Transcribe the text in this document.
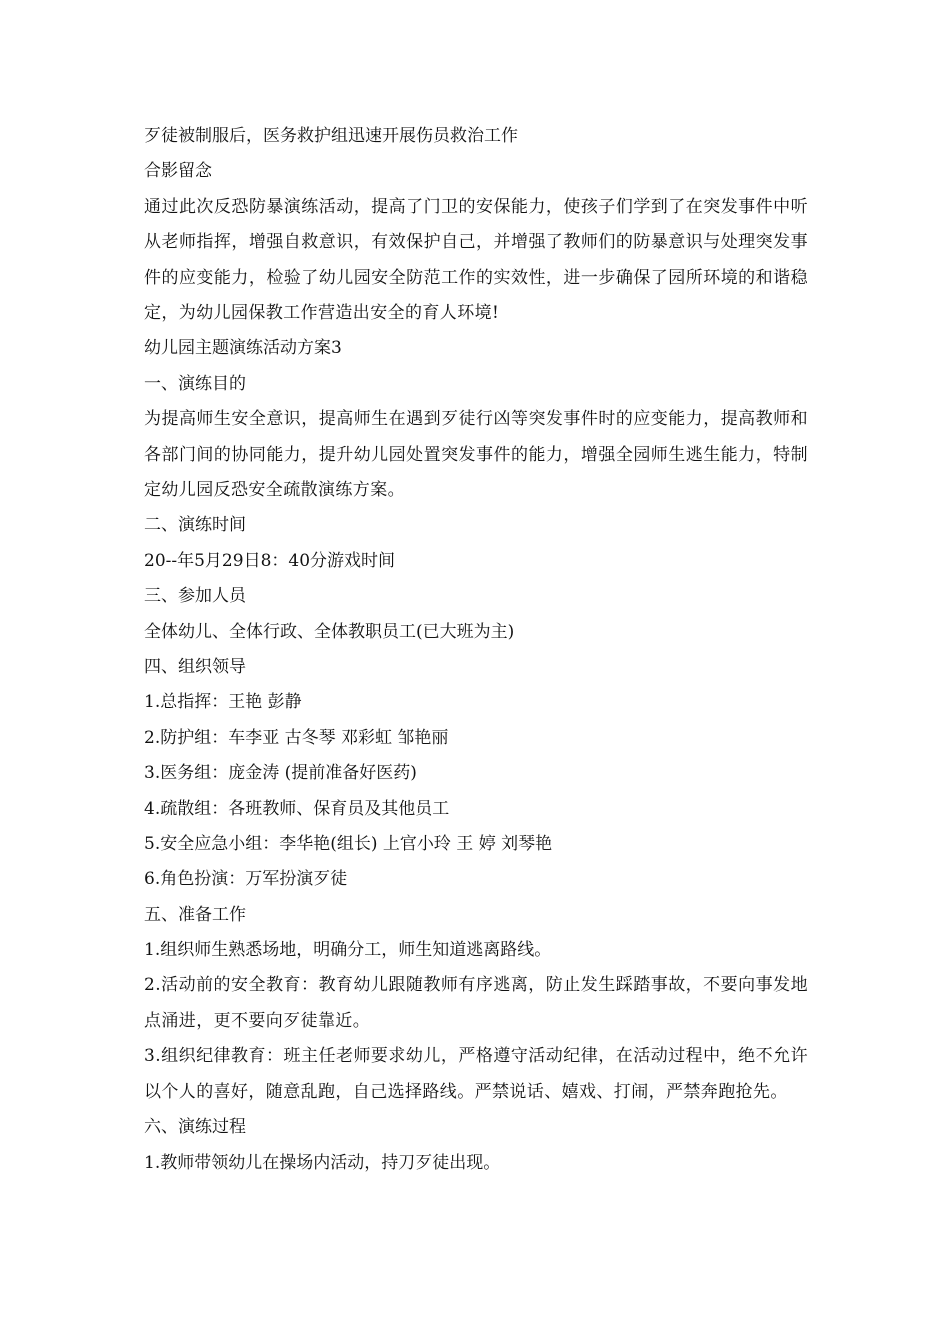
歹徒被制服后，医务救护组迅速开展伤员救治工作

合影留念

通过此次反恐防暴演练活动，提高了门卫的安保能力，使孩子们学到了在突发事件中听从老师指挥，增强自救意识，有效保护自己，并增强了教师们的防暴意识与处理突发事件的应变能力，检验了幼儿园安全防范工作的实效性，进一步确保了园所环境的和谐稳定，为幼儿园保教工作营造出安全的育人环境!

幼儿园主题演练活动方案3

一、演练目的

为提高师生安全意识，提高师生在遇到歹徒行凶等突发事件时的应变能力，提高教师和各部门间的协同能力，提升幼儿园处置突发事件的能力，增强全园师生逃生能力，特制定幼儿园反恐安全疏散演练方案。

二、演练时间

20--年5月29日8：40分游戏时间

三、参加人员

全体幼儿、全体行政、全体教职员工(已大班为主)

四、组织领导

1.总指挥：王艳 彭静

2.防护组：车李亚 古冬琴 邓彩虹 邹艳丽

3.医务组：庞金涛 (提前准备好医药)

4.疏散组：各班教师、保育员及其他员工

5.安全应急小组：李华艳(组长) 上官小玲 王 婷 刘琴艳

6.角色扮演：万军扮演歹徒

五、准备工作

1.组织师生熟悉场地，明确分工，师生知道逃离路线。

2.活动前的安全教育：教育幼儿跟随教师有序逃离，防止发生踩踏事故，不要向事发地点涌进，更不要向歹徒靠近。

3.组织纪律教育：班主任老师要求幼儿，严格遵守活动纪律，在活动过程中，绝不允许以个人的喜好，随意乱跑，自己选择路线。严禁说话、嬉戏、打闹，严禁奔跑抢先。

六、演练过程

1.教师带领幼儿在操场内活动，持刀歹徒出现。
